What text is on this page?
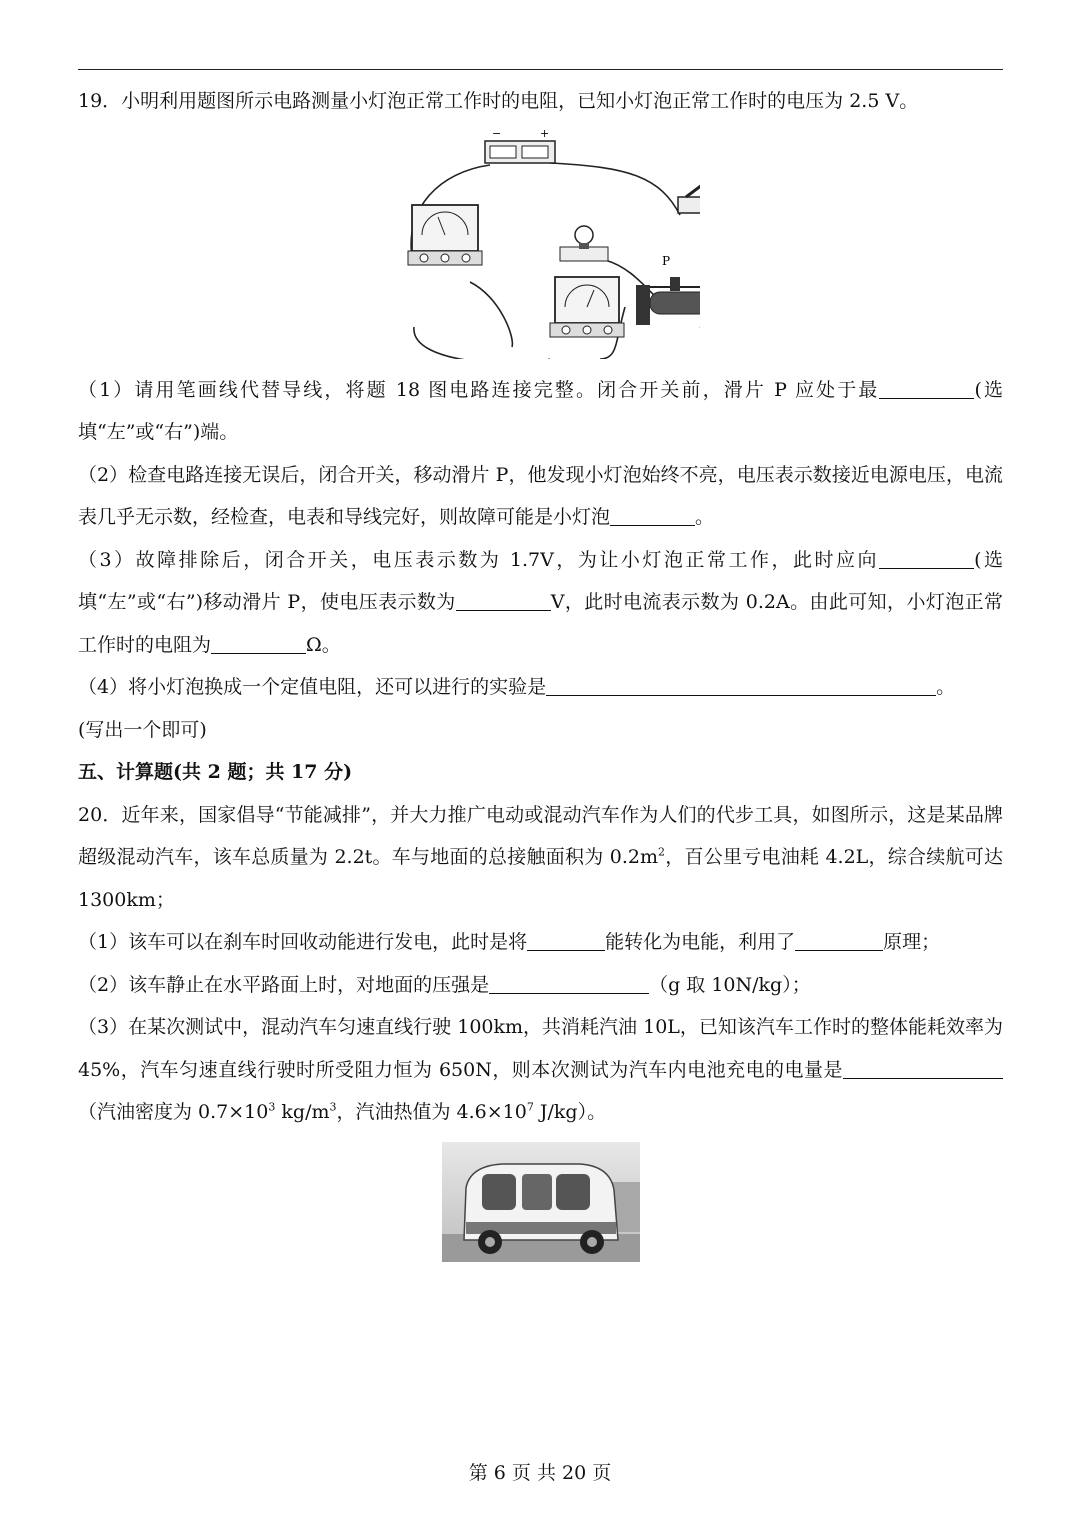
19．小明利用题图所示电路测量小灯泡正常工作时的电阻，已知小灯泡正常工作时的电压为 2.5 V。

−	+
P

（1）请用笔画线代替导线，将题 18 图电路连接完整。闭合开关前，滑片 P 应处于最	(选填“左”或“右”)端。

（2）检查电路连接无误后，闭合开关，移动滑片 P，他发现小灯泡始终不亮，电压表示数接近电源电压，电流表几乎无示数，经检查，电表和导线完好，则故障可能是小灯泡	。

（3）故障排除后，闭合开关，电压表示数为 1.7V，为让小灯泡正常工作，此时应向	(选填“左”或“右”)移动滑片 P，使电压表示数为	V，此时电流表示数为 0.2A。由此可知，小灯泡正常工作时的电阻为	Ω。

（4）将小灯泡换成一个定值电阻，还可以进行的实验是	。

(写出一个即可)

五、计算题(共 2 题；共 17 分)

20．近年来，国家倡导“节能减排”，并大力推广电动或混动汽车作为人们的代步工具，如图所示，这是某品牌超级混动汽车，该车总质量为 2.2t。车与地面的总接触面积为 $0.2m^2$，百公里亏电油耗 4.2L，综合续航可达 1300km；

（1）该车可以在刹车时回收动能进行发电，此时是将	能转化为电能，利用了	原理；

（2）该车静止在水平路面上时，对地面的压强是	（g 取 10N/kg）；

（3）在某次测试中，混动汽车匀速直线行驶 100km，共消耗汽油 10L，已知该汽车工作时的整体能耗效率为 45%，汽车匀速直线行驶时所受阻力恒为 650N，则本次测试为汽车内电池充电的电量是（汽油密度为 $0.7\times 10^3$ $kg/m^3$，汽油热值为 $4.6\times 10^7$ J/kg）。

第 6 页 共 20 页
